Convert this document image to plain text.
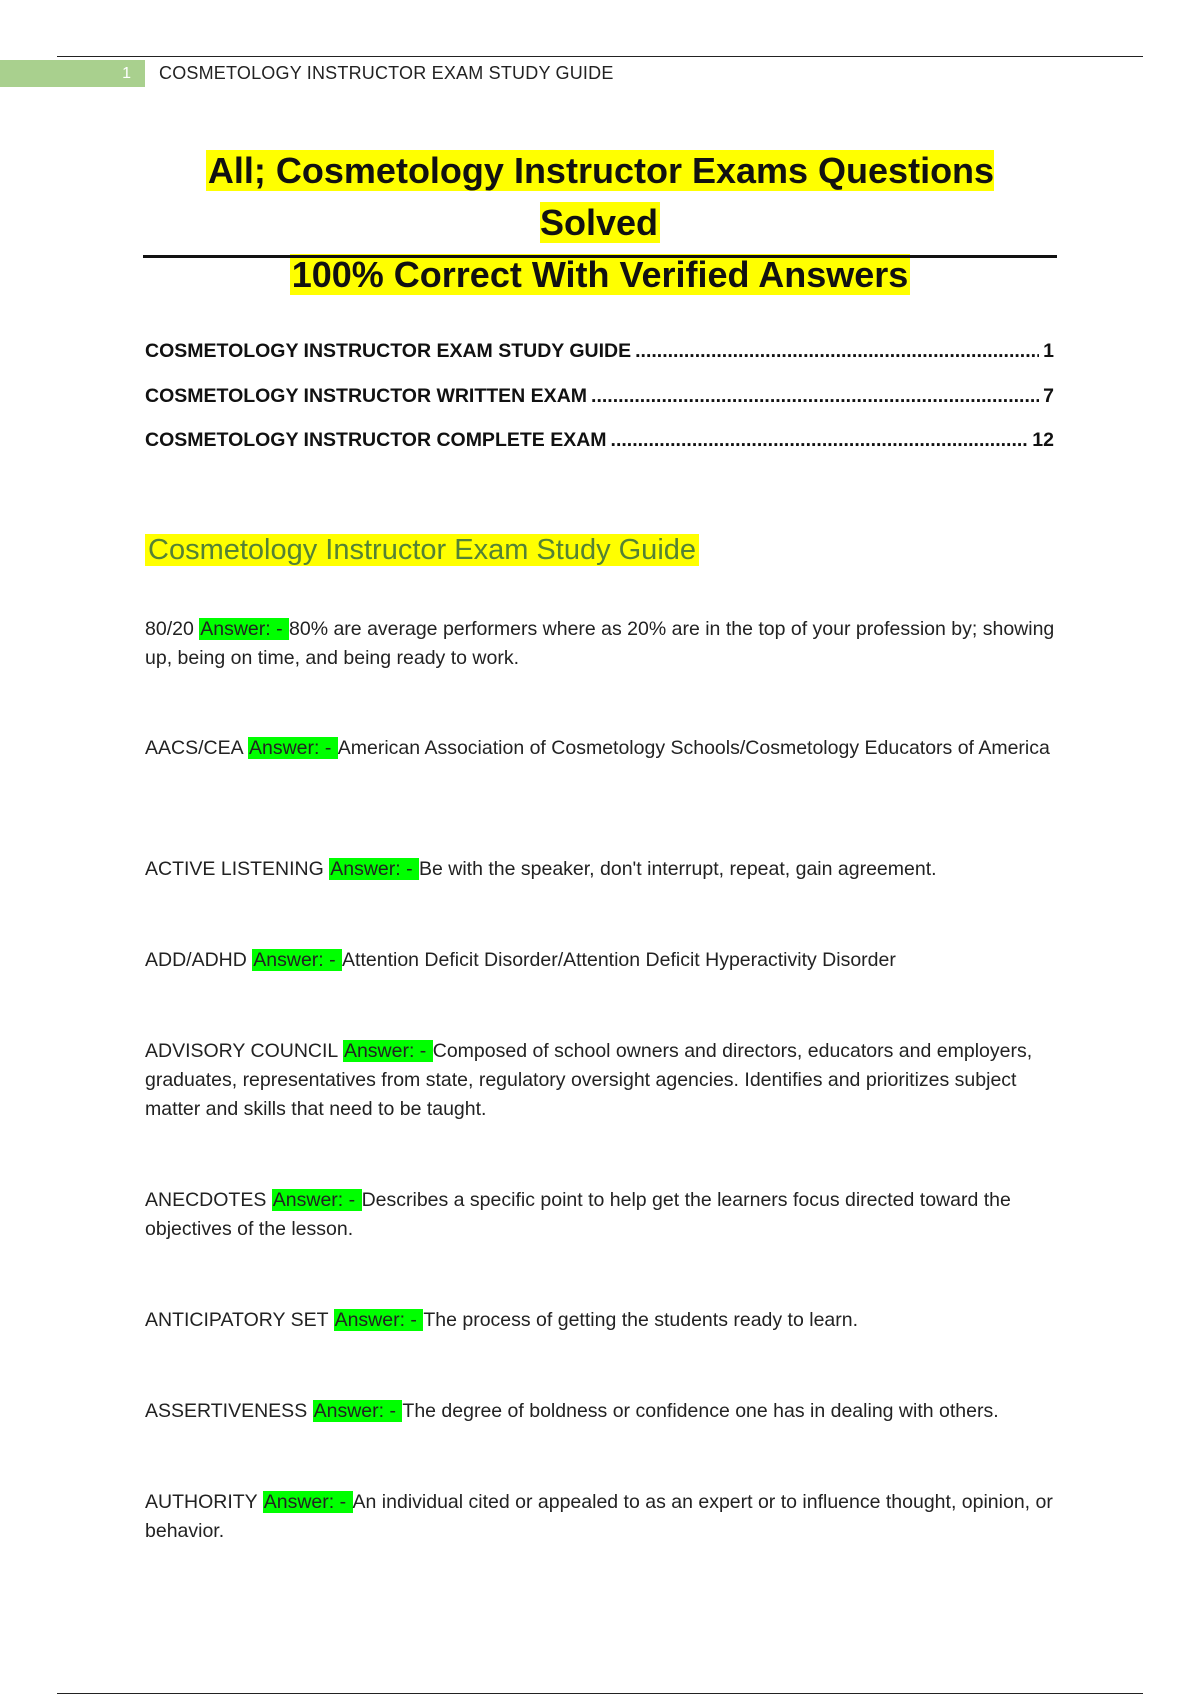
1	COSMETOLOGY INSTRUCTOR EXAM STUDY GUIDE
All; Cosmetology Instructor Exams Questions Solved
100% Correct With Verified Answers
COSMETOLOGY INSTRUCTOR EXAM STUDY GUIDE .....	1
COSMETOLOGY INSTRUCTOR WRITTEN EXAM .....	7
COSMETOLOGY INSTRUCTOR COMPLETE EXAM .....	12
Cosmetology Instructor Exam Study Guide
80/20 Answer: - 80% are average performers where as 20% are in the top of your profession by; showing up, being on time, and being ready to work.
AACS/CEA Answer: - American Association of Cosmetology Schools/Cosmetology Educators of America
ACTIVE LISTENING Answer: - Be with the speaker, don't interrupt, repeat, gain agreement.
ADD/ADHD Answer: - Attention Deficit Disorder/Attention Deficit Hyperactivity Disorder
ADVISORY COUNCIL Answer: - Composed of school owners and directors, educators and employers, graduates, representatives from state, regulatory oversight agencies. Identifies and prioritizes subject matter and skills that need to be taught.
ANECDOTES Answer: - Describes a specific point to help get the learners focus directed toward the objectives of the lesson.
ANTICIPATORY SET Answer: - The process of getting the students ready to learn.
ASSERTIVENESS Answer: - The degree of boldness or confidence one has in dealing with others.
AUTHORITY Answer: - An individual cited or appealed to as an expert or to influence thought, opinion, or behavior.
